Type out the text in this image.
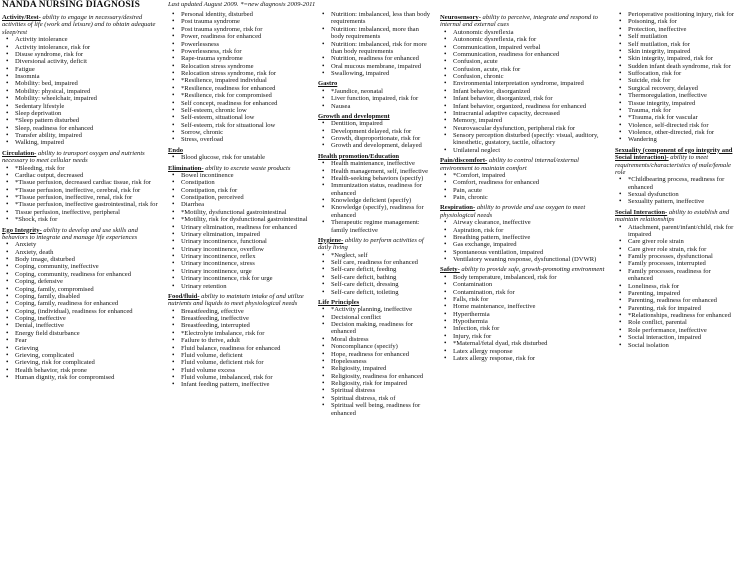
NANDA NURSING DIAGNOSIS	Last updated August 2009. *=new diagnosis 2009-2011
Activity/Rest- ability to engage in necessary/desired activities of life (work and leisure) and to obtain adequate sleep/rest
• Activity intolerance
• Activity intolerance, risk for
• Disuse syndrome, risk for
• Diversional activity, deficit
• Fatigue
• Insomnia
• Mobility: bed, impaired
• Mobility: physical, impaired
• Mobility: wheelchair, impaired
• Sedentary lifestyle
• Sleep deprivation
• *Sleep pattern disturbed
• Sleep, readiness for enhanced
• Transfer ability, impaired
• Walking, impaired
Circulation- ability to transport oxygen and nutrients necessary to meet cellular needs
• *Bleeding, risk for
• Cardiac output, decreased
• *Tissue perfusion, decreased cardiac tissue, risk for
• *Tissue perfusion, ineffective, cerebral, risk for
• *Tissue perfusion, ineffective, renal, risk for
• *Tissue perfusion, ineffective gastrointestinal, risk for
• Tissue perfusion, ineffective, peripheral
• *Shock, risk for
Ego Integrity- ability to develop and use skills and behaviors to integrate and manage life experiences
• Anxiety
• Anxiety, death
• Body image, disturbed
• Coping, community, ineffective
• Coping, community, readiness for enhanced
• Coping, defensive
• Coping, family, compromised
• Coping, family, disabled
• Coping, family, readiness for enhanced
• Coping, (individual), readiness for enhanced
• Coping, ineffective
• Denial, ineffective
• Energy field disturbance
• Fear
• Grieving
• Grieving, complicated
• Grieving, risk for complicated
• Health behavior, risk prone
• Human dignity, risk for compromised
• Personal identity, disturbed
• Post trauma syndrome
• Post trauma syndrome, risk for
• Power, readiness for enhanced
• Powerlessness
• Powerlessness, risk for
• Rape-trauma syndrome
• Relocation stress syndrome
• Relocation stress syndrome, risk for
• *Resilience, impaired individual
• *Resilience, readiness for enhanced
• *Resilience, risk for compromised
• Self concept, readiness for enhanced
• Self-esteem, chronic low
• Self-esteem, situational low
• Self-esteem, risk for situational low
• Sorrow, chronic
• Stress, overload
Endo
• Blood glucose, risk for unstable
Elimination- ability to excrete waste products
• Bowel incontinence
• Constipation
• Constipation, risk for
• Constipation, perceived
• Diarrhea
• *Motility, dysfunctional gastrointestinal
• *Motility, risk for dysfunctional gastrointestinal
• Urinary elimination, readiness for enhanced
• Urinary elimination, impaired
• Urinary incontinence, functional
• Urinary incontinence, overflow
• Urinary incontinence, reflex
• Urinary incontinence, stress
• Urinary incontinence, urge
• Urinary incontinence, risk for urge
• Urinary retention
Food/fluid- ability to maintain intake of and utilize nutrients and liquids to meet physiological needs
• Breastfeeding, effective
• Breastfeeding, ineffective
• Breastfeeding, interrupted
• *Electrolyte imbalance, risk for
• Failure to thrive, adult
• Fluid balance, readiness for enhanced
• Fluid volume, deficient
• Fluid volume, deficient risk for
• Fluid volume excess
• Fluid volume, imbalanced, risk for
• Infant feeding pattern, ineffective
• Nutrition: imbalanced, less than body requirements
• Nutrition: imbalanced, more than body requirements
• Nutrition: imbalanced, risk for more than body requirements
• Nutrition, readiness for enhanced
• Oral mucous membrane, impaired
• Swallowing, impaired
Gastro
• *Jaundice, neonatal
• Liver function, impaired, risk for
• Nausea
Growth and development
• Dentition, impaired
• Development delayed, risk for
• Growth, disproportionate, risk for
• Growth and development, delayed
Health promotion/Education
• Health maintenance, ineffective
• Health management, self, ineffective
• Health-seeking behaviors (specify)
• Immunization status, readiness for enhanced
• Knowledge deficient (specify)
• Knowledge (specify), readiness for enhanced
• Therapeutic regime management: family ineffective
Hygiene- ability to perform activities of daily living
• *Neglect, self
• Self care, readiness for enhanced
• Self-care deficit, feeding
• Self-care deficit, bathing
• Self-care deficit, dressing
• Self-care deficit, toileting
Life Principles
• *Activity planning, ineffective
• Decisional conflict
• Decision making, readiness for enhanced
• Moral distress
• Noncompliance (specify)
• Hope, readiness for enhanced
• Hopelessness
• Religiosity, impaired
• Religiosity, readiness for enhanced
• Religiosity, risk for impaired
• Spiritual distress
• Spiritual distress, risk of
• Spiritual well being, readiness for enhanced
Neurosensory- ability to perceive, integrate and respond to internal and external cues
• Autonomic dysreflexia
• Autonomic dysreflexia, risk for
• Communication, impaired verbal
• Communication, readiness for enhanced
• Confusion, acute
• Confusion, acute, risk for
• Confusion, chronic
• Environmental interpretation syndrome, impaired
• Infant behavior, disorganized
• Infant behavior, disorganized, risk for
• Infant behavior, organized, readiness for enhanced
• Intracranial adaptive capacity, decreased
• Memory, impaired
• Neurovascular dysfunction, peripheral risk for
• Sensory perception disturbed (specify: visual, auditory, kinesthetic, gustatory, tactile, olfactory
• Unilateral neglect
Pain/discomfort- ability to control internal/external environment to maintain comfort
• *Comfort, impaired
• Comfort, readiness for enhanced
• Pain, acute
• Pain, chronic
Respiration- ability to provide and use oxygen to meet physiological needs
• Airway clearance, ineffective
• Aspiration, risk for
• Breathing pattern, ineffective
• Gas exchange, impaired
• Spontaneous ventilation, impaired
• Ventilatory weaning response, dysfunctional (DVWR)
Safety- ability to provide safe, growth-promoting environment
• Body temperature, imbalanced, risk for
• Contamination
• Contamination, risk for
• Falls, risk for
• Home maintenance, ineffective
• Hyperthermia
• Hypothermia
• Infection, risk for
• Injury, risk for
• *Maternal/fetal dyad, risk disturbed
• Latex allergy response
• Latex allergy response, risk for
• Perioperative positioning injury, risk for
• Poisoning, risk for
• Protection, ineffective
• Self mutilation
• Self mutilation, risk for
• Skin integrity, impaired
• Skin integrity, impaired, risk for
• Sudden infant death syndrome, risk for
• Suffocation, risk for
• Suicide, risk for
• Surgical recovery, delayed
• Thermoregulation, ineffective
• Tissue integrity, impaired
• Trauma, risk for
• *Trauma, risk for vascular
• Violence, self-directed risk for
• Violence, other-directed, risk for
• Wandering
Sexuality (component of ego integrity and Social interaction)- ability to meet requirements/characteristics of male/female role
• *Childbearing process, readiness for enhanced
• Sexual dysfunction
• Sexuality pattern, ineffective
Social Interaction- ability to establish and maintain relationships
• Attachment, parent/infant/child, risk for impaired
• Care giver role strain
• Care giver role strain, risk for
• Family processes, dysfunctional
• Family processes, interrupted
• Family processes, readiness for enhanced
• Loneliness, risk for
• Parenting, impaired
• Parenting, readiness for enhanced
• Parenting, risk for impaired
• *Relationships, readiness for enhanced
• Role conflict, parental
• Role performance, ineffective
• Social interaction, impaired
• Social isolation
